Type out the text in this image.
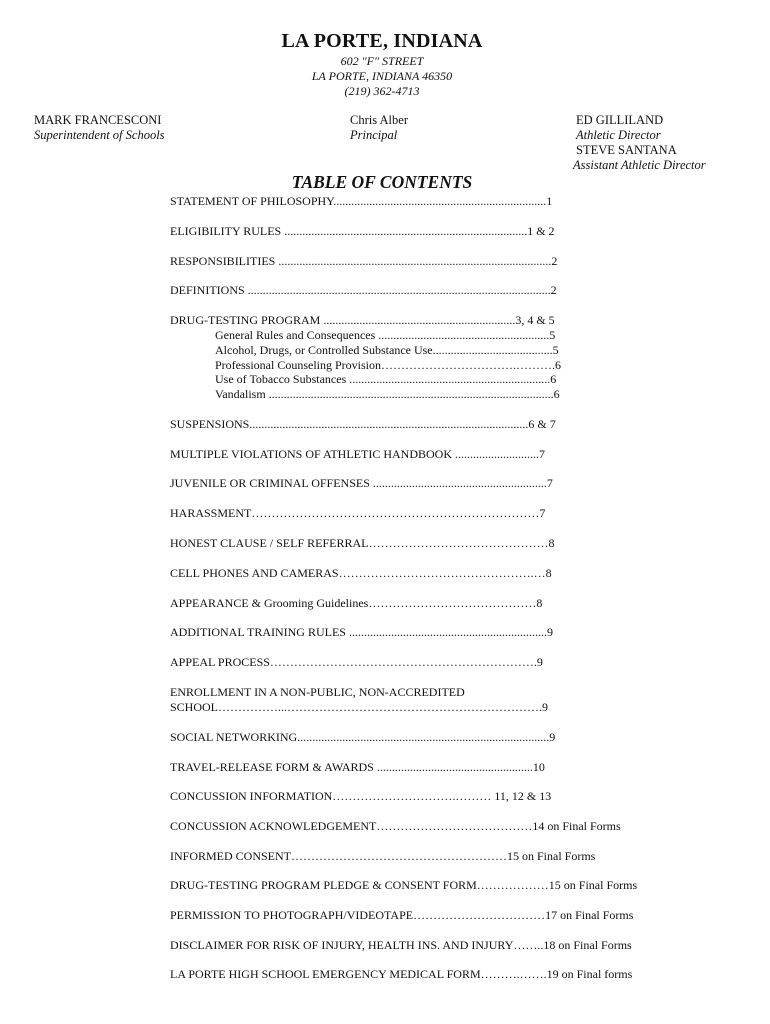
LA PORTE, INDIANA
602 "F" STREET
LA PORTE, INDIANA 46350
(219) 362-4713
MARK FRANCESCONI
Superintendent of Schools
Chris Alber
Principal
ED GILLILAND
Athletic Director
STEVE SANTANA
Assistant Athletic Director
TABLE OF CONTENTS
STATEMENT OF PHILOSOPHY.......................................................................1
ELIGIBILITY RULES .................................................................................1 & 2
RESPONSIBILITIES ...........................................................................................2
DEFINITIONS .....................................................................................................2
DRUG-TESTING PROGRAM ................................................................3, 4 & 5
General Rules and Consequences .........................................................5
Alcohol, Drugs, or Controlled Substance Use........................................5
Professional Counseling Provision…………………………….……….6
Use of Tobacco Substances ...................................................................6
Vandalism ...............................................................................................6
SUSPENSIONS.............................................................................................6 & 7
MULTIPLE VIOLATIONS OF ATHLETIC HANDBOOK ............................7
JUVENILE OR CRIMINAL OFFENSES ..........................................................7
HARASSMENT………………………………………………………………7
HONEST CLAUSE / SELF REFERRAL………………………………………8
CELL PHONES AND CAMERAS………………………………………….…8
APPEARANCE & Grooming Guidelines……………………………………8
ADDITIONAL TRAINING RULES ..................................................................9
APPEAL PROCESS………………………………………………………….9
ENROLLMENT IN A NON-PUBLIC, NON-ACCREDITED
SCHOOL……………...……………………………………………………….9
SOCIAL NETWORKING....................................................................................9
TRAVEL-RELEASE FORM & AWARDS ....................................................10
CONCUSSION INFORMATION………………………….……… 11, 12 & 13
CONCUSSION ACKNOWLEDGEMENT…………………………………14 on Final Forms
INFORMED CONSENT………………………………………………15 on Final Forms
DRUG-TESTING PROGRAM PLEDGE & CONSENT FORM………………15 on Final Forms
PERMISSION TO PHOTOGRAPH/VIDEOTAPE……………………………17 on Final Forms
DISCLAIMER FOR RISK OF INJURY, HEALTH INS. AND INJURY……..18 on Final Forms
LA PORTE HIGH SCHOOL EMERGENCY MEDICAL FORM……….…….19 on Final forms
